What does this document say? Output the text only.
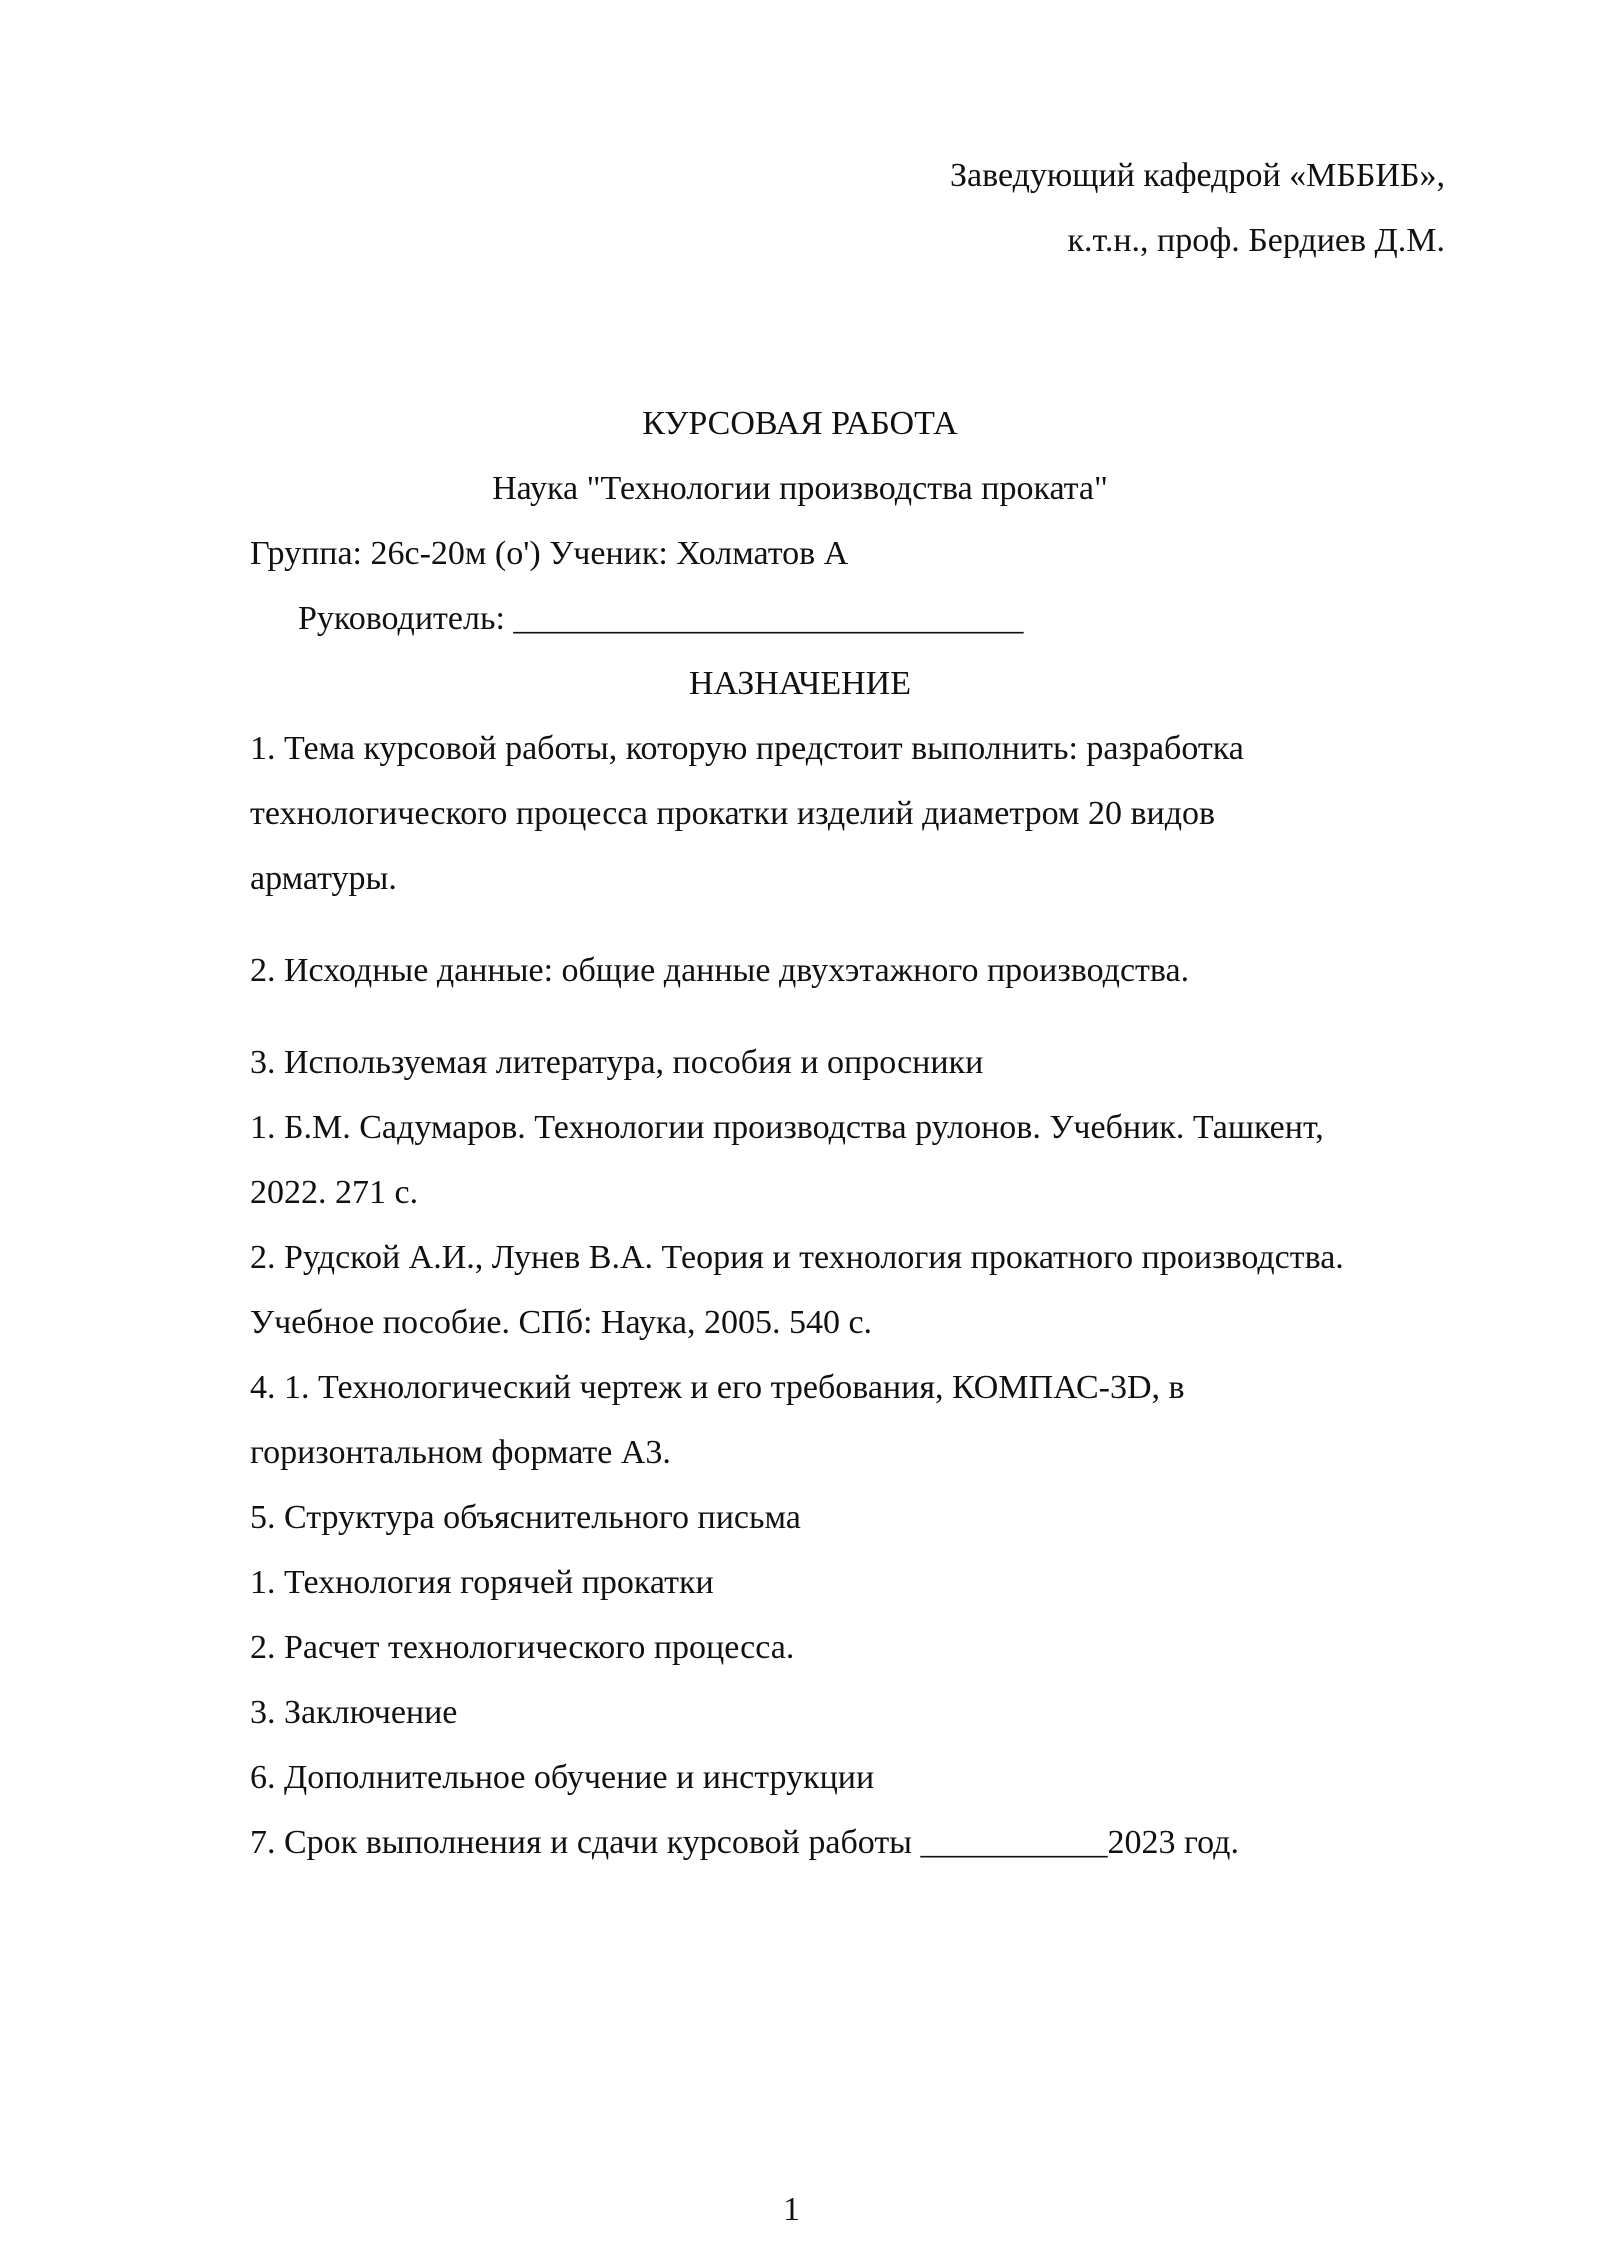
Заведующий кафедрой «МББИБ»,
к.т.н., проф. Бердиев Д.М.
КУРСОВАЯ РАБОТА
Наука "Технологии производства проката"
Группа: 26с-20м (o') Ученик: Холматов А
Руководитель: ______________________________
НАЗНАЧЕНИЕ
1. Тема курсовой работы, которую предстоит выполнить: разработка
технологического процесса прокатки изделий диаметром 20 видов
арматуры.
2. Исходные данные: общие данные двухэтажного производства.
3. Используемая литература, пособия и опросники
1. Б.М. Садумаров. Технологии производства рулонов. Учебник. Ташкент,
2022. 271 с.
2. Рудской А.И., Лунев В.А. Теория и технология прокатного производства.
Учебное пособие. СПб: Наука, 2005. 540 с.
4. 1. Технологический чертеж и его требования, КОМПАС-3D, в
горизонтальном формате А3.
5. Структура объяснительного письма
1. Технология горячей прокатки
2. Расчет технологического процесса.
3. Заключение
6. Дополнительное обучение и инструкции
7. Срок выполнения и сдачи курсовой работы ___________2023 год.
1
